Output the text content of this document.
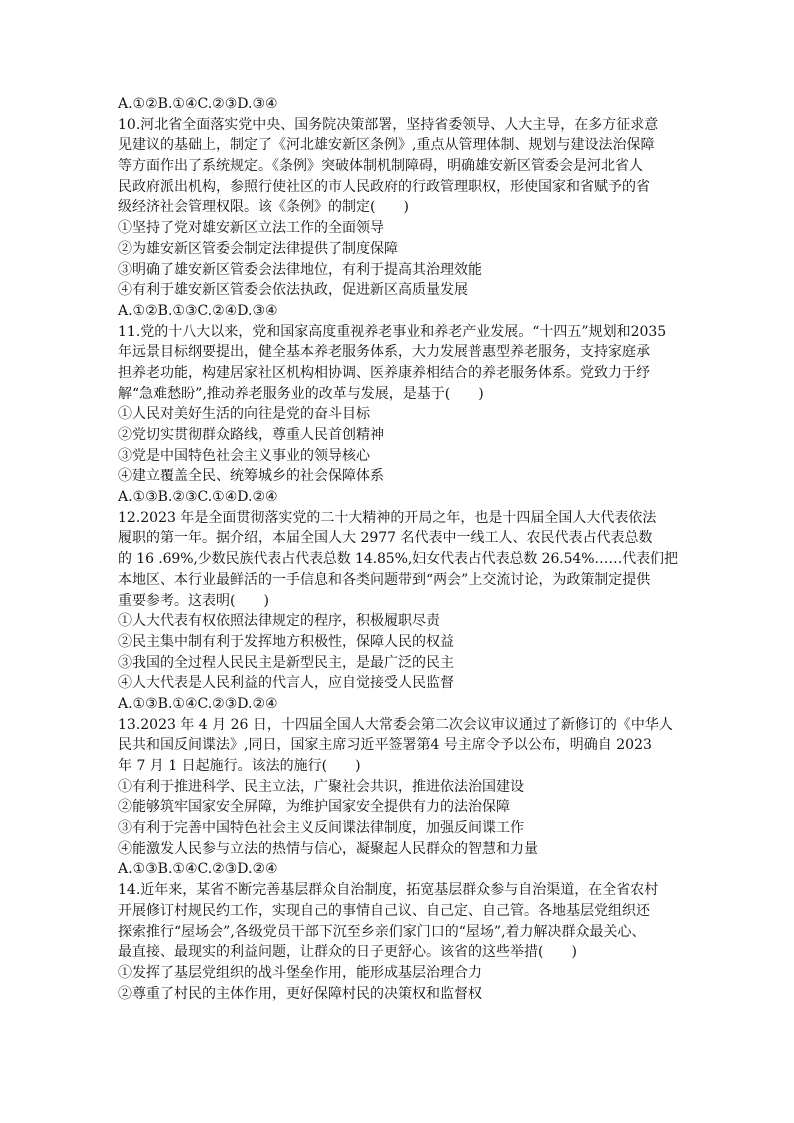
A.①②B.①④C.②③D.③④
10.河北省全面落实党中央、国务院决策部署，坚持省委领导、人大主导，在多方征求意
见建议的基础上，制定了《河北雄安新区条例》,重点从管理体制、规划与建设法治保障
等方面作出了系统规定。《条例》突破体制机制障碍，明确雄安新区管委会是河北省人
民政府派出机构，参照行使社区的市人民政府的行政管理职权，形使国家和省赋予的省
级经济社会管理权限。该《条例》的制定(　　)
①坚持了党对雄安新区立法工作的全面领导
②为雄安新区管委会制定法律提供了制度保障
③明确了雄安新区管委会法律地位，有利于提高其治理效能
④有利于雄安新区管委会依法执政，促进新区高质量发展
A.①②B.①③C.②④D.③④
11.党的十八大以来，党和国家高度重视养老事业和养老产业发展。“十四五”规划和2035
年远景目标纲要提出，健全基本养老服务体系，大力发展普惠型养老服务，支持家庭承
担养老功能，构建居家社区机构相协调、医养康养相结合的养老服务体系。党致力于纾
解“急难愁盼”,推动养老服务业的改革与发展，是基于(　　)
①人民对美好生活的向往是党的奋斗目标
②党切实贯彻群众路线，尊重人民首创精神
③党是中国特色社会主义事业的领导核心
④建立覆盖全民、统筹城乡的社会保障体系
A.①③B.②③C.①④D.②④
12.2023 年是全面贯彻落实党的二十大精神的开局之年，也是十四届全国人大代表依法
履职的第一年。据介绍，本届全国人大 2977 名代表中一线工人、农民代表占代表总数
的 16 .69%,少数民族代表占代表总数 14.85%,妇女代表占代表总数 26.54%……代表们把
本地区、本行业最鲜活的一手信息和各类问题带到“两会”上交流讨论，为政策制定提供
重要参考。这表明(　　)
①人大代表有权依照法律规定的程序，积极履职尽责
②民主集中制有利于发挥地方积极性，保障人民的权益
③我国的全过程人民民主是新型民主，是最广泛的民主
④人大代表是人民利益的代言人，应自觉接受人民监督
A.①③B.①④C.②③D.②④
13.2023 年 4 月 26 日，十四届全国人大常委会第二次会议审议通过了新修订的《中华人
民共和国反间谍法》,同日，国家主席习近平签署第4 号主席令予以公布，明确自 2023
年 7 月 1 日起施行。该法的施行(　　)
①有利于推进科学、民主立法，广聚社会共识，推进依法治国建设
②能够筑牢国家安全屏障，为维护国家安全提供有力的法治保障
③有利于完善中国特色社会主义反间谍法律制度，加强反间谍工作
④能激发人民参与立法的热情与信心，凝聚起人民群众的智慧和力量
A.①③B.①④C.②③D.②④
14.近年来，某省不断完善基层群众自治制度，拓宽基层群众参与自治渠道，在全省农村
开展修订村规民约工作，实现自己的事情自己议、自己定、自己管。各地基层党组织还
探索推行“屋场会”,各级党员干部下沉至乡亲们家门口的“屋场”,着力解决群众最关心、
最直接、最现实的利益问题，让群众的日子更舒心。该省的这些举措(　　)
①发挥了基层党组织的战斗堡垒作用，能形成基层治理合力
②尊重了村民的主体作用，更好保障村民的决策权和监督权
